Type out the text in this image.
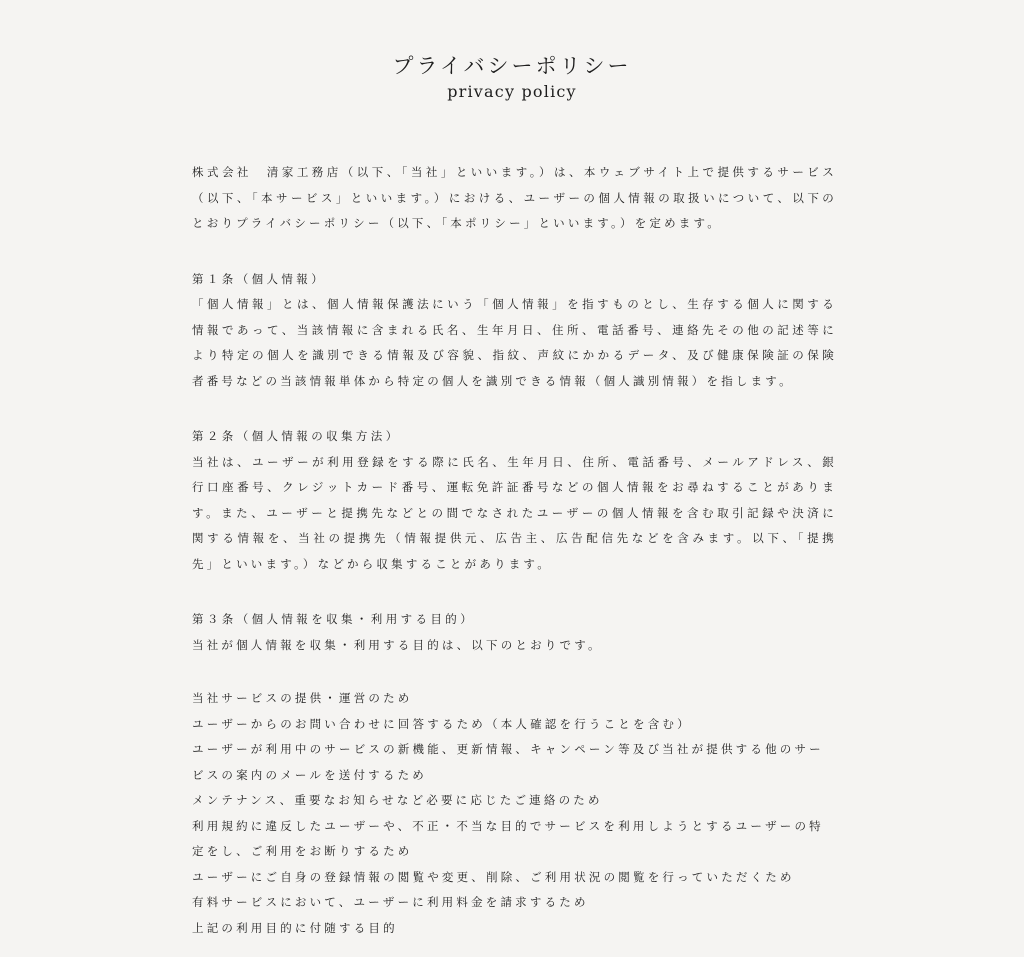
プライバシーポリシー
privacy policy

株式会社　清家工務店（以下、「当社」といいます。）は、本ウェブサイト上で提供するサービス（以下、「本サービス」といいます。）における、ユーザーの個人情報の取扱いについて、以下のとおりプライバシーポリシー（以下、「本ポリシー」といいます。）を定めます。

第１条（個人情報）

「個人情報」とは、個人情報保護法にいう「個人情報」を指すものとし、生存する個人に関する情報であって、当該情報に含まれる氏名、生年月日、住所、電話番号、連絡先その他の記述等により特定の個人を識別できる情報及び容貌、指紋、声紋にかかるデータ、及び健康保険証の保険者番号などの当該情報単体から特定の個人を識別できる情報（個人識別情報）を指します。

第２条（個人情報の収集方法）

当社は、ユーザーが利用登録をする際に氏名、生年月日、住所、電話番号、メールアドレス、銀行口座番号、クレジットカード番号、運転免許証番号などの個人情報をお尋ねすることがあります。また、ユーザーと提携先などとの間でなされたユーザーの個人情報を含む取引記録や決済に関する情報を、当社の提携先（情報提供元、広告主、広告配信先などを含みます。以下、「提携先」といいます。）などから収集することがあります。

第３条（個人情報を収集・利用する目的）

当社が個人情報を収集・利用する目的は、以下のとおりです。

当社サービスの提供・運営のため
ユーザーからのお問い合わせに回答するため（本人確認を行うことを含む）
ユーザーが利用中のサービスの新機能、更新情報、キャンペーン等及び当社が提供する他のサービスの案内のメールを送付するため
メンテナンス、重要なお知らせなど必要に応じたご連絡のため
利用規約に違反したユーザーや、不正・不当な目的でサービスを利用しようとするユーザーの特定をし、ご利用をお断りするため
ユーザーにご自身の登録情報の閲覧や変更、削除、ご利用状況の閲覧を行っていただくため
有料サービスにおいて、ユーザーに利用料金を請求するため
上記の利用目的に付随する目的
